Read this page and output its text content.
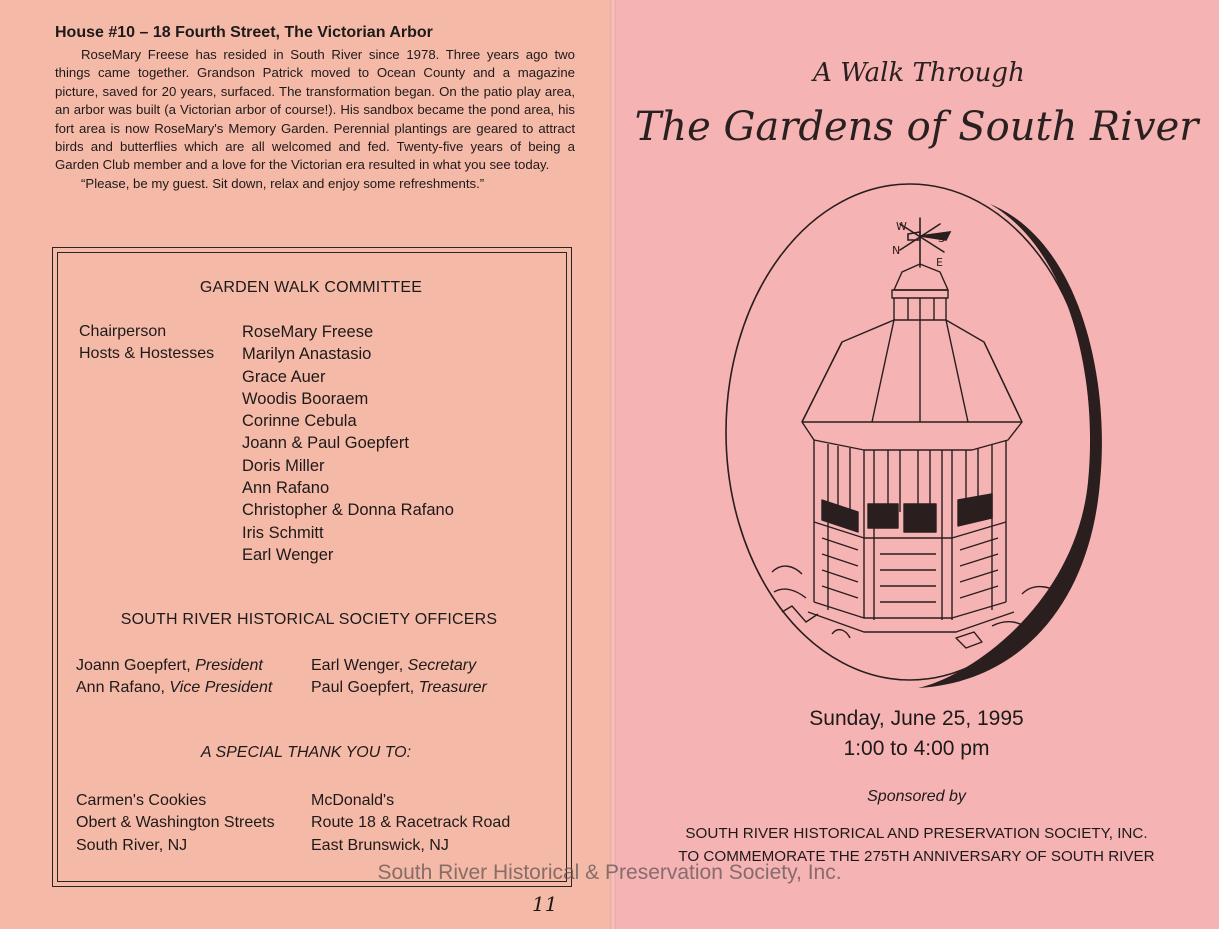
House #10 – 18 Fourth Street, The Victorian Arbor

RoseMary Freese has resided in South River since 1978. Three years ago two things came together. Grandson Patrick moved to Ocean County and a magazine picture, saved for 20 years, surfaced. The transformation began. On the patio play area, an arbor was built (a Victorian arbor of course!). His sandbox became the pond area, his fort area is now RoseMary's Memory Garden. Perennial plantings are geared to attract birds and butterflies which are all welcomed and fed. Twenty-five years of being a Garden Club member and a love for the Victorian era resulted in what you see today.

“Please, be my guest. Sit down, relax and enjoy some refreshments.”

GARDEN WALK COMMITTEE
Chairperson
Hosts & Hostesses
RoseMary Freese
Marilyn Anastasio
Grace Auer
Woodis Booraem
Corinne Cebula
Joann & Paul Goepfert
Doris Miller
Ann Rafano
Christopher & Donna Rafano
Iris Schmitt
Earl Wenger
SOUTH RIVER HISTORICAL SOCIETY OFFICERS
Joann Goepfert, President	Earl Wenger, Secretary
Ann Rafano, Vice President Paul Goepfert, Treasurer
A SPECIAL THANK YOU TO:
Carmen's Cookies
Obert & Washington Streets
South River, NJ
McDonald's
Route 18 & Racetrack Road
East Brunswick, NJ
11
A Walk Through
The Gardens of South River
W
S
N
E
Sunday, June 25, 1995
1:00 to 4:00 pm
Sponsored by
SOUTH RIVER HISTORICAL AND PRESERVATION SOCIETY, INC.
TO COMMEMORATE THE 275TH ANNIVERSARY OF SOUTH RIVER
South River Historical & Preservation Society, Inc.
